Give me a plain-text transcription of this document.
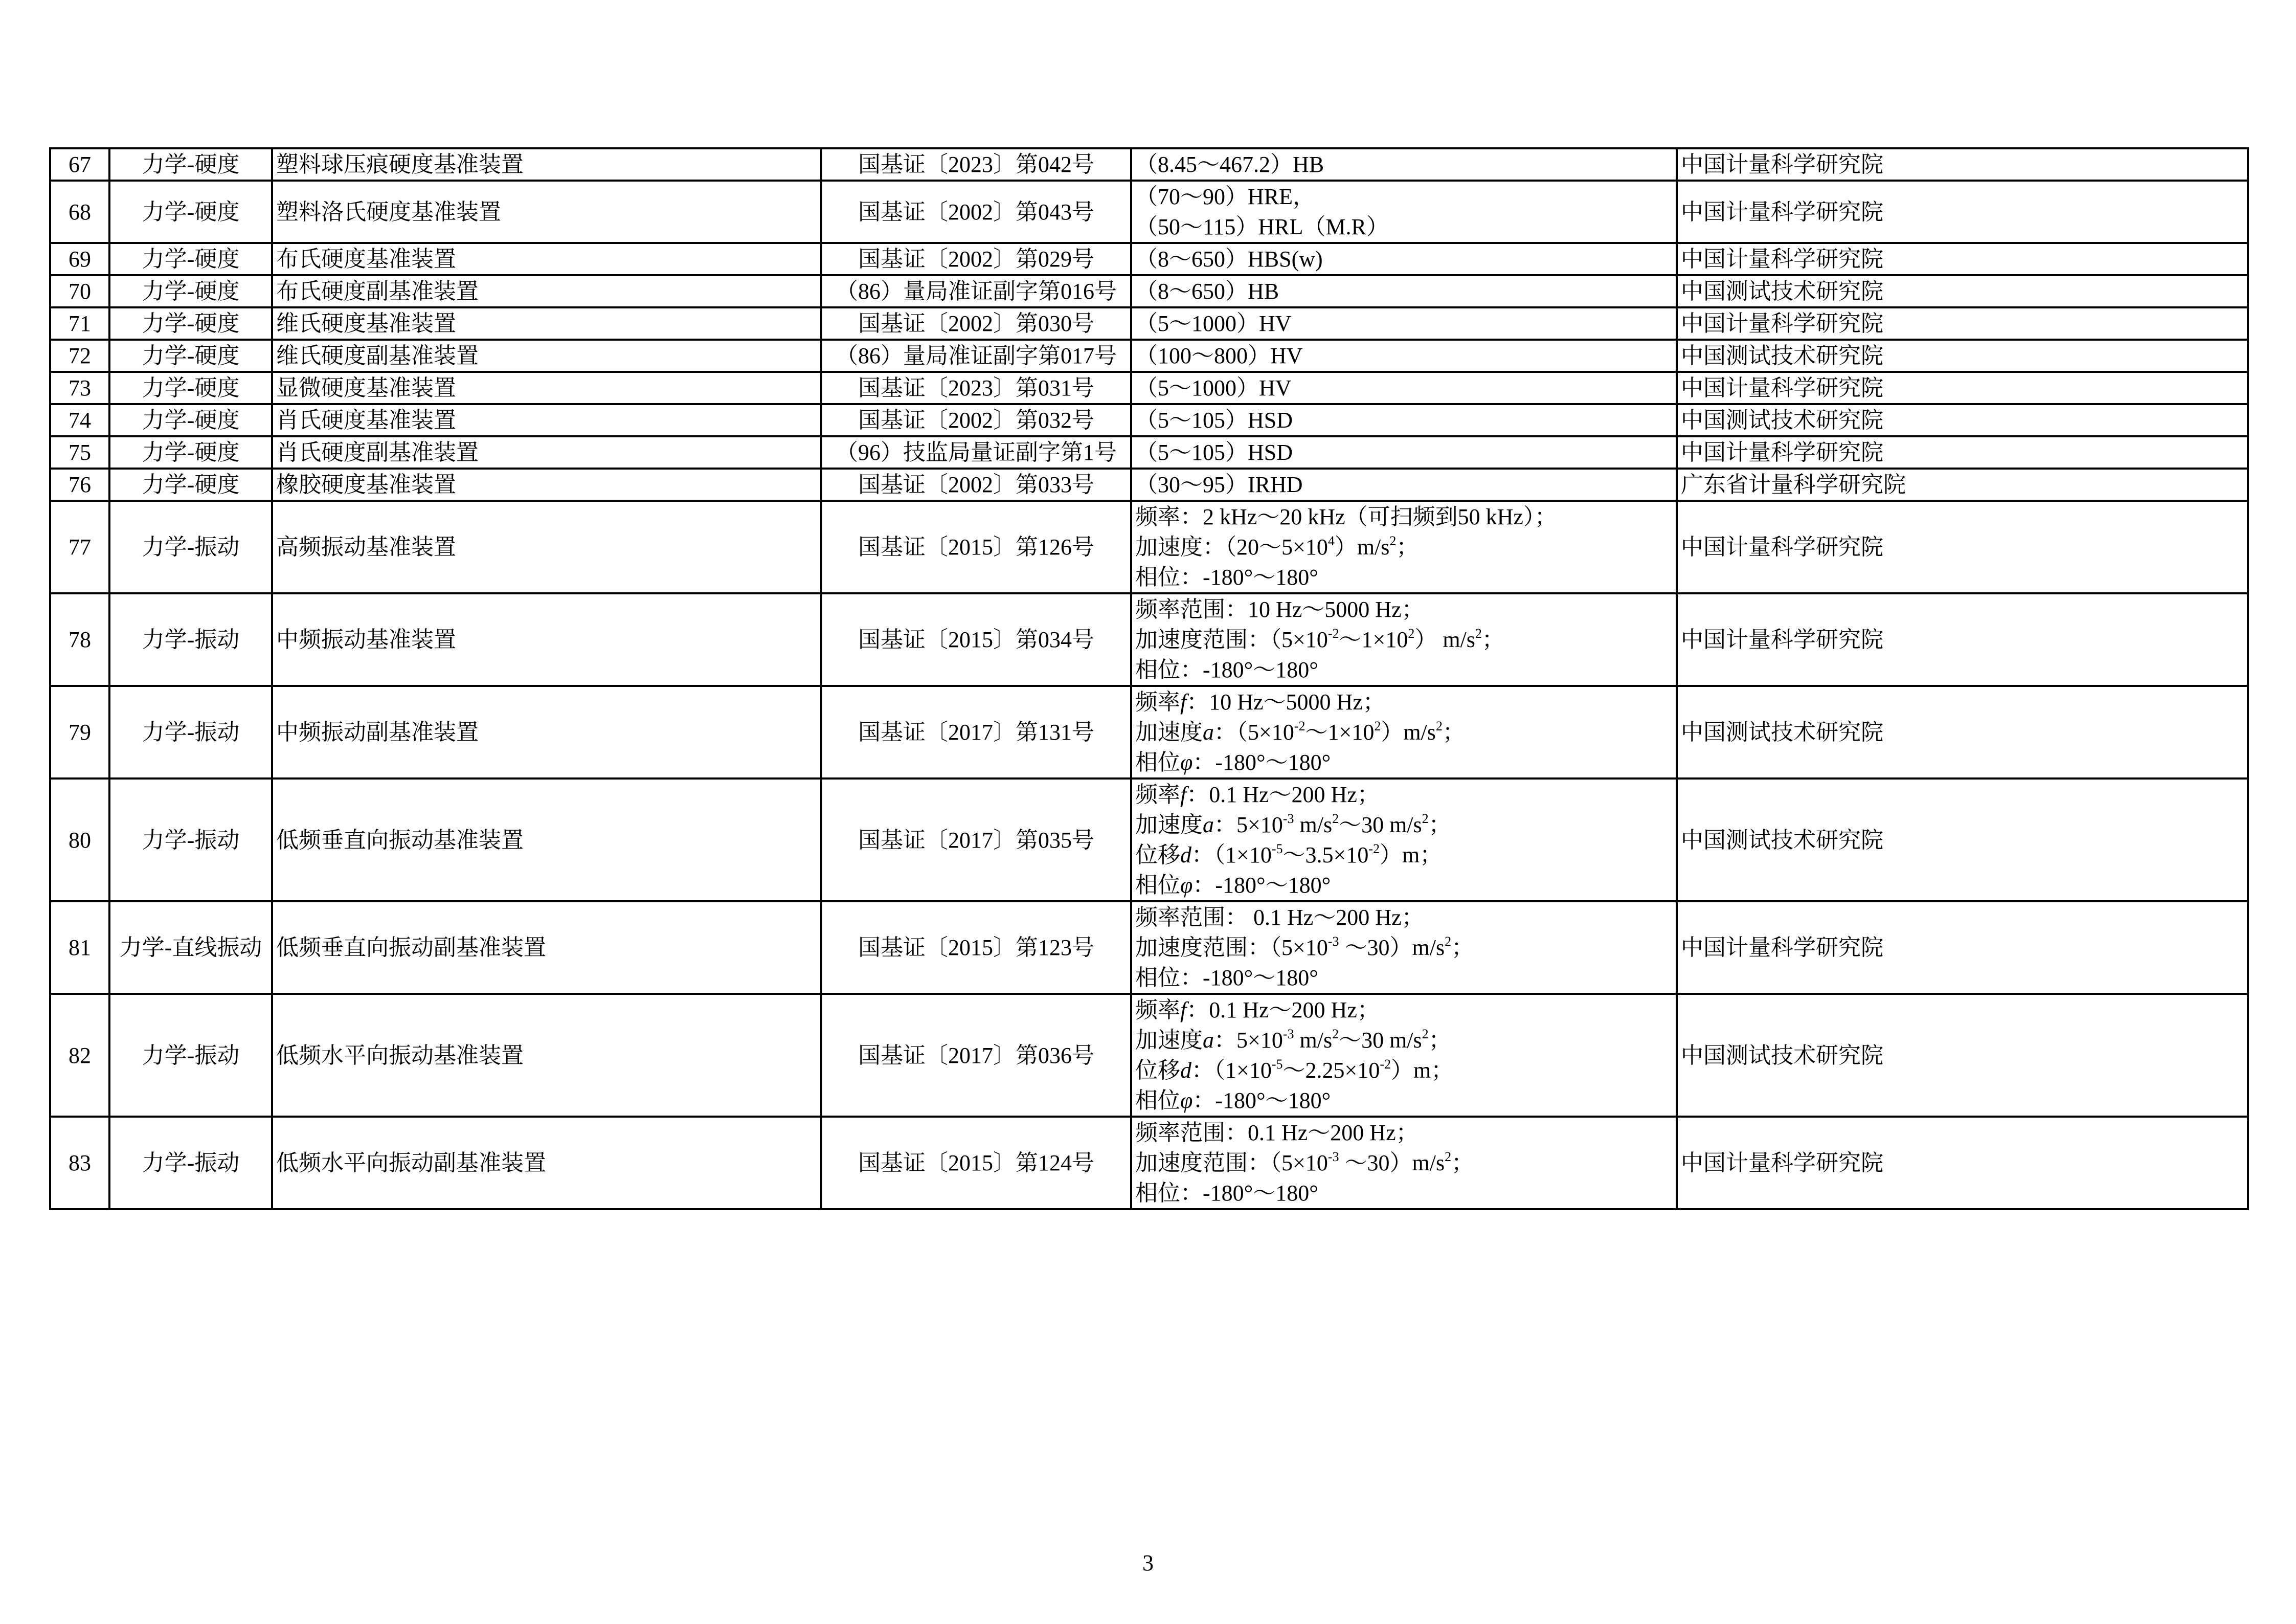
67	力学-硬度	塑料球压痕硬度基准装置	国基证〔2023〕第042号	（8.45～467.2）HB	中国计量科学研究院
68	力学-硬度	塑料洛氏硬度基准装置	国基证〔2002〕第043号	（70～90）HRE，
（50～115）HRL（M.R）	中国计量科学研究院
69	力学-硬度	布氏硬度基准装置	国基证〔2002〕第029号	（8～650）HBS(w)	中国计量科学研究院
70	力学-硬度	布氏硬度副基准装置	（86）量局准证副字第016号	（8～650）HB	中国测试技术研究院
71	力学-硬度	维氏硬度基准装置	国基证〔2002〕第030号	（5～1000）HV	中国计量科学研究院
72	力学-硬度	维氏硬度副基准装置	（86）量局准证副字第017号	（100～800）HV	中国测试技术研究院
73	力学-硬度	显微硬度基准装置	国基证〔2023〕第031号	（5～1000）HV	中国计量科学研究院
74	力学-硬度	肖氏硬度基准装置	国基证〔2002〕第032号	（5～105）HSD	中国测试技术研究院
75	力学-硬度	肖氏硬度副基准装置	（96）技监局量证副字第1号	（5～105）HSD	中国计量科学研究院
76	力学-硬度	橡胶硬度基准装置	国基证〔2002〕第033号	（30～95）IRHD	广东省计量科学研究院
77	力学-振动	高频振动基准装置	国基证〔2015〕第126号	频率：2 kHz～20 kHz（可扫频到50 kHz）；
加速度：$(20\sim 5\times 10^4)m/s^2$；
相位：-180°～180°	中国计量科学研究院
78	力学-振动	中频振动基准装置	国基证〔2015〕第034号	频率范围：10 Hz～5000 Hz；
加速度范围：$(5\times 10^{-2}\sim 1\times 10^2)$ $m/s^2$；
相位：-180°～180°	中国计量科学研究院
79	力学-振动	中频振动副基准装置	国基证〔2017〕第131号	频率f：10 Hz～5000 Hz；
加速度a：$(5\times 10^{-2}\sim 1\times 10^2)m/s^2$；
相位φ：-180°～180°	中国测试技术研究院
80	力学-振动	低频垂直向振动基准装置	国基证〔2017〕第035号	频率f：0.1 Hz～200 Hz；
加速度a：$5\times 10^{-3}$ $m/s^2\sim 30$ $m/s^2$；
位移d：$(1\times 10^{-5}\sim 3.5\times 10^{-2})m$；
相位φ：-180°～180°	中国测试技术研究院
81	力学-直线振动	低频垂直向振动副基准装置	国基证〔2015〕第123号	频率范围： 0.1 Hz～200 Hz；
加速度范围：（$5\times 10^{-3}$ $\sim 30)m/s^2$；
相位：-180°～180°	中国计量科学研究院
82	力学-振动	低频水平向振动基准装置	国基证〔2017〕第036号	频率f：0.1 Hz～200 Hz；
加速度a：$5\times 10^{-3}$ $m/s^2\sim 30$ $m/s^2$；
位移d：$(1\times 10^{-5}\sim 2.25\times 10^{-2})m$；
相位φ：-180°～180°	中国测试技术研究院
83	力学-振动	低频水平向振动副基准装置	国基证〔2015〕第124号	频率范围：0.1 Hz～200 Hz；
加速度范围：（$5\times 10^{-3}$ $\sim 30)m/s^2$；
相位：-180°～180°	中国计量科学研究院
3
